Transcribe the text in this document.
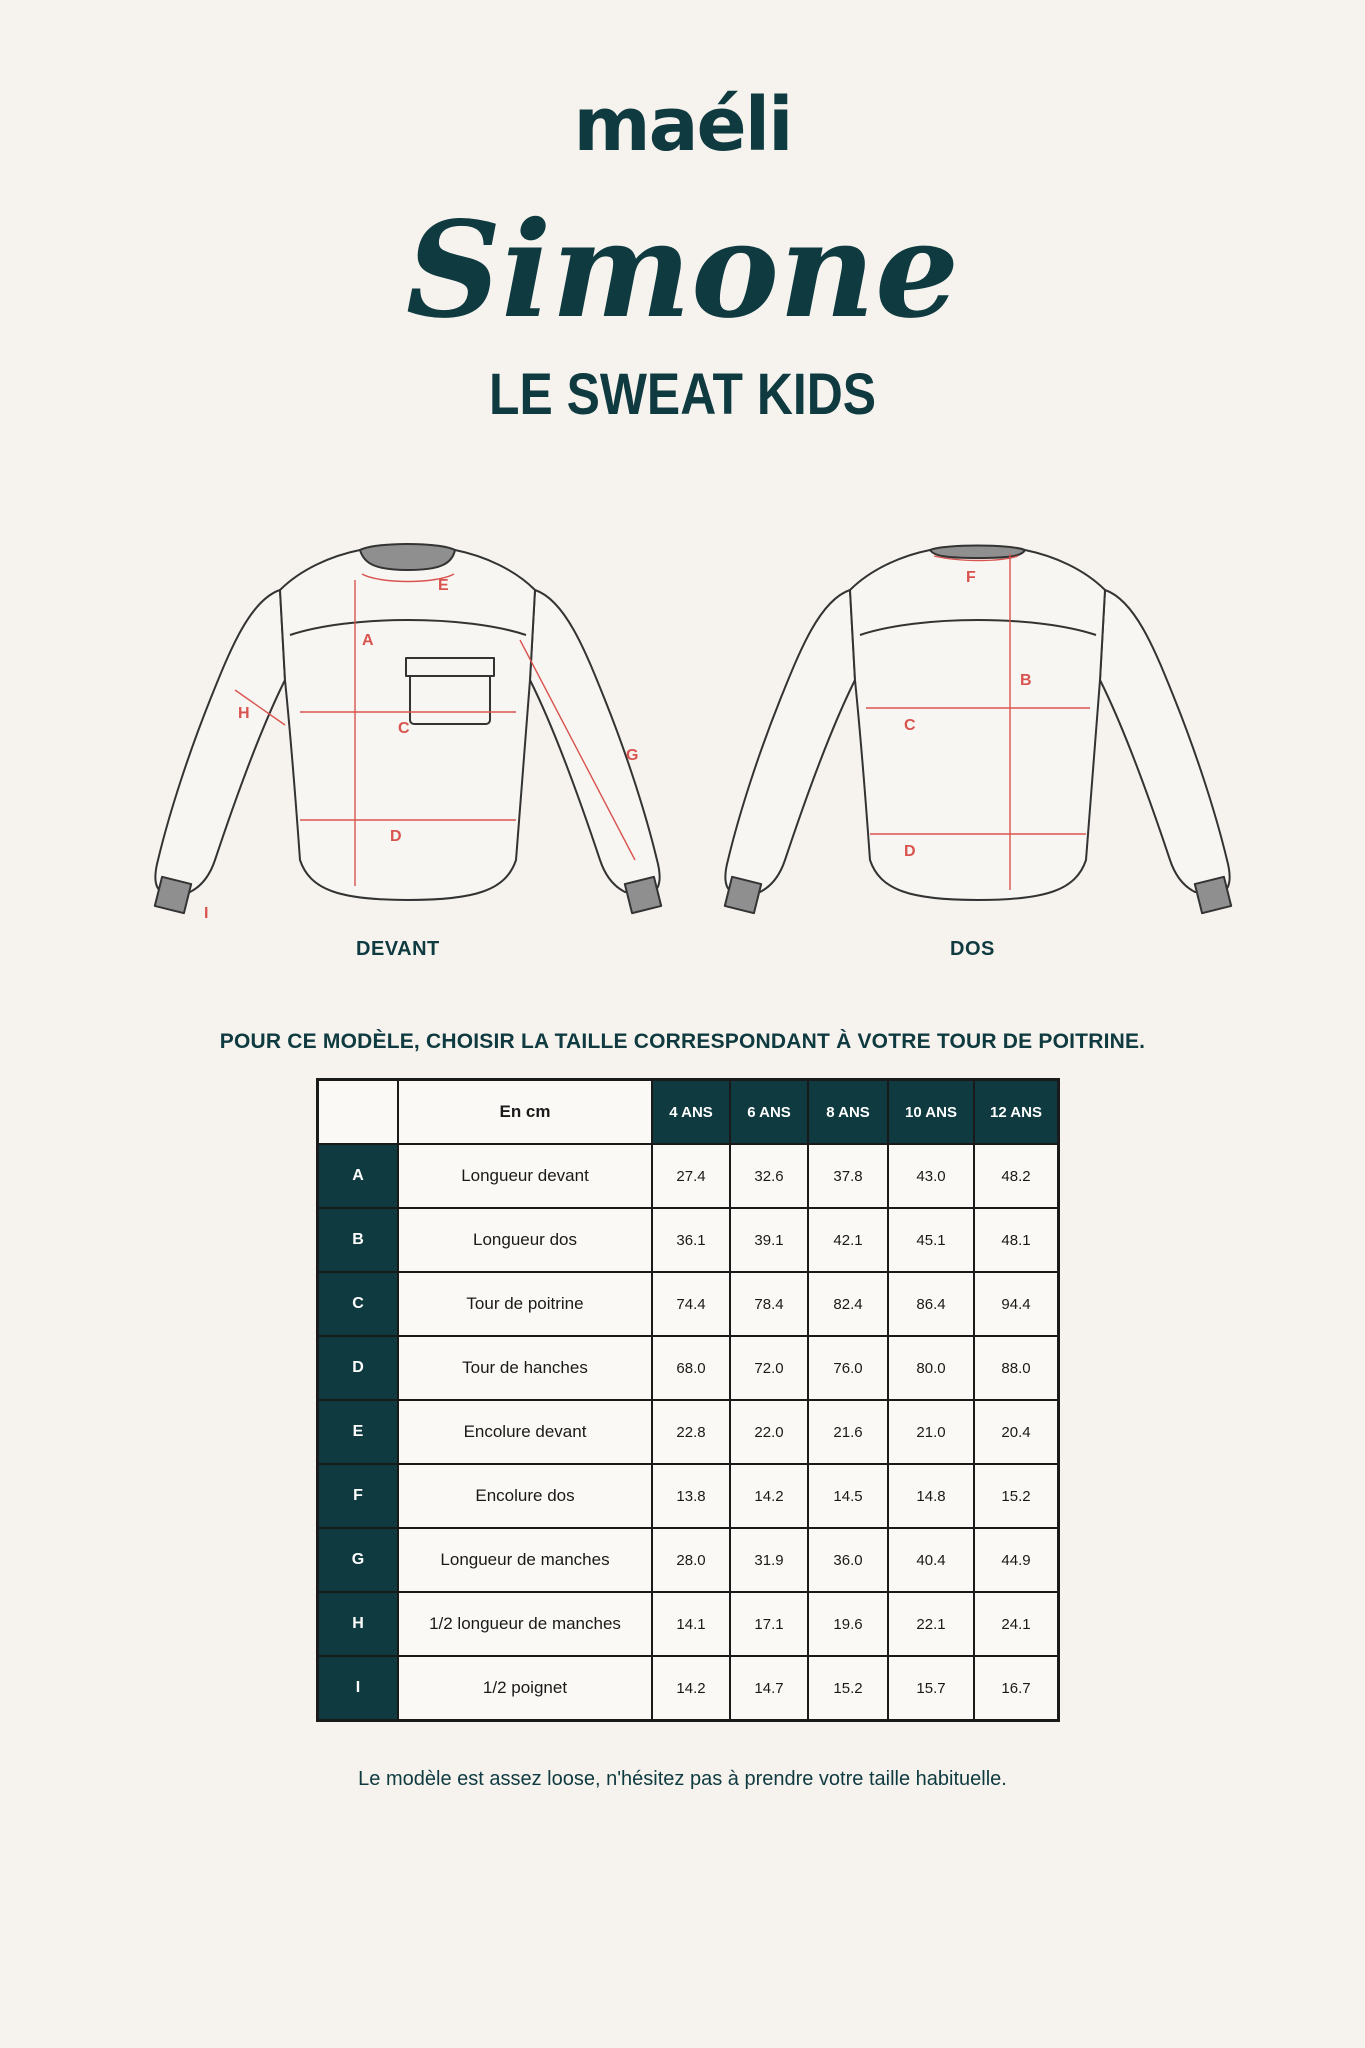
maéli
Simone
LE SWEAT KIDS
A
C
D
E
G
H
I
F
B
C
D
DEVANT	DOS
POUR CE MODÈLE, CHOISIR LA TAILLE CORRESPONDANT À VOTRE TOUR DE POITRINE.
	En cm	4 ANS	6 ANS	8 ANS	10 ANS	12 ANS
A	Longueur devant	27.4	32.6	37.8	43.0	48.2
B	Longueur dos	36.1	39.1	42.1	45.1	48.1
C	Tour de poitrine	74.4	78.4	82.4	86.4	94.4
D	Tour de hanches	68.0	72.0	76.0	80.0	88.0
E	Encolure devant	22.8	22.0	21.6	21.0	20.4
F	Encolure dos	13.8	14.2	14.5	14.8	15.2
G	Longueur de manches	28.0	31.9	36.0	40.4	44.9
H	1/2 longueur de manches	14.1	17.1	19.6	22.1	24.1
I	1/2 poignet	14.2	14.7	15.2	15.7	16.7
Le modèle est assez loose, n'hésitez pas à prendre votre taille habituelle.
